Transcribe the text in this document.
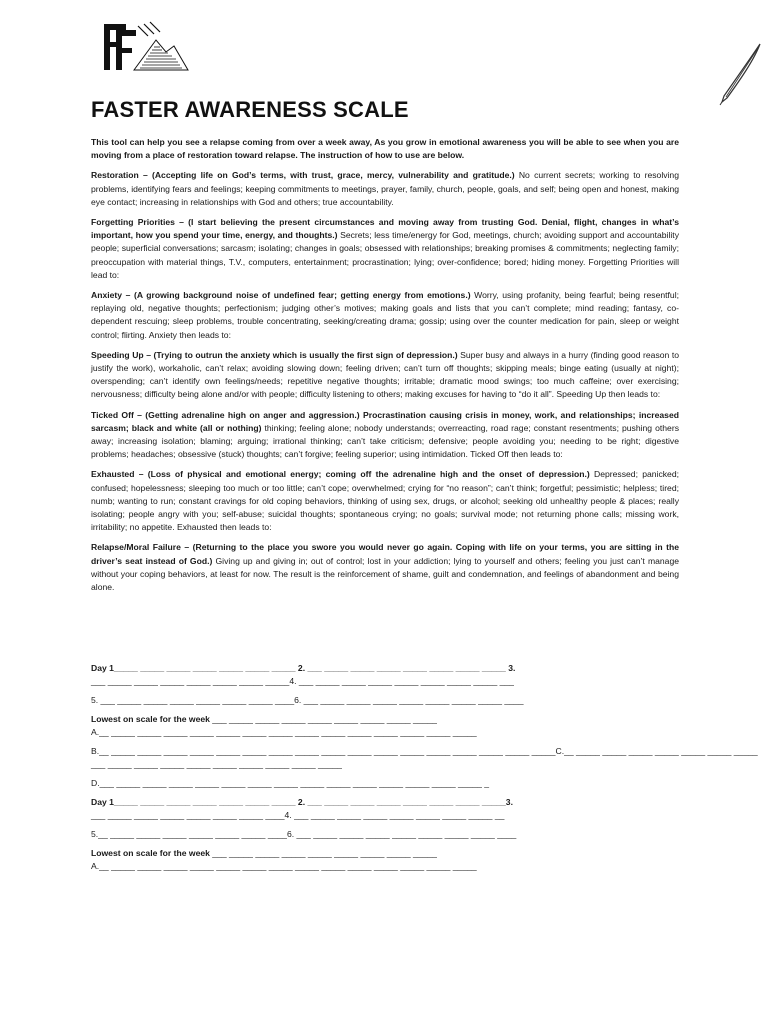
FASTER AWARENESS SCALE

This tool can help you see a relapse coming from over a week away, As you grow in emotional awareness you will be able to see when you are moving from a place of restoration toward relapse. The instruction of how to use are below.

Restoration – (Accepting life on God’s terms, with trust, grace, mercy, vulnerability and gratitude.) No current secrets; working to resolving problems, identifying fears and feelings; keeping commitments to meetings, prayer, family, church, people, goals, and self; being open and honest, making eye contact; increasing in relationships with God and others; true accountability.

Forgetting Priorities – (I start believing the present circumstances and moving away from trusting God. Denial, flight, changes in what’s important, how you spend your time, energy, and thoughts.) Secrets; less time/energy for God, meetings, church; avoiding support and accountability people; superficial conversations; sarcasm; isolating; changes in goals; obsessed with relationships; breaking promises & commitments; neglecting family; preoccupation with material things, T.V., computers, entertainment; procrastination; lying; over-confidence; bored; hiding money. Forgetting Priorities will lead to:

Anxiety – (A growing background noise of undefined fear; getting energy from emotions.) Worry, using profanity, being fearful; being resentful; replaying old, negative thoughts; perfectionism; judging other’s motives; making goals and lists that you can’t complete; mind reading; fantasy, co-dependent rescuing; sleep problems, trouble concentrating, seeking/creating drama; gossip; using over the counter medication for pain, sleep or weight control; flirting. Anxiety then leads to:

Speeding Up – (Trying to outrun the anxiety which is usually the first sign of depression.) Super busy and always in a hurry (finding good reason to justify the work), workaholic, can’t relax; avoiding slowing down; feeling driven; can’t turn off thoughts; skipping meals; binge eating (usually at night); overspending; can’t identify own feelings/needs; repetitive negative thoughts; irritable; dramatic mood swings; too much caffeine; over exercising; nervousness; difficulty being alone and/or with people; difficulty listening to others; making excuses for having to “do it all”. Speeding Up then leads to:

Ticked Off – (Getting adrenaline high on anger and aggression.) Procrastination causing crisis in money, work, and relationships; increased sarcasm; black and white (all or nothing) thinking; feeling alone; nobody understands; overreacting, road rage; constant resentments; pushing others away; increasing isolation; blaming; arguing; irrational thinking; can’t take criticism; defensive; people avoiding you; needing to be right; digestive problems; headaches; obsessive (stuck) thoughts; can’t forgive; feeling superior; using intimidation. Ticked Off then leads to:

Exhausted – (Loss of physical and emotional energy; coming off the adrenaline high and the onset of depression.) Depressed; panicked; confused; hopelessness; sleeping too much or too little; can’t cope; overwhelmed; crying for “no reason”; can’t think; forgetful; pessimistic; helpless; tired; numb; wanting to run; constant cravings for old coping behaviors, thinking of using sex, drugs, or alcohol; seeking old unhealthy people & places; really isolating; people angry with you; self-abuse; suicidal thoughts; spontaneous crying; no goals; survival mode; not returning phone calls; missing work, irritability; no appetite. Exhausted then leads to:

Relapse/Moral Failure – (Returning to the place you swore you would never go again. Coping with life on your terms, you are sitting in the driver’s seat instead of God.) Giving up and giving in; out of control; lost in your addiction; lying to yourself and others; feeling you just can’t manage without your coping behaviors, at least for now. The result is the reinforcement of shame, guilt and condemnation, and feelings of abandonment and being alone.

Day 1_____ _____ _____ _____ _____ _____ _____ 2. ___ _____ _____ _____ _____ _____ _____ _____ 3.
___ _____ _____ _____ _____ _____ _____ _____4. ___ _____ _____ _____ _____ _____ _____ _____ ___
5. ___ _____ _____ _____ _____ _____ _____ ____6. ___ _____ _____ _____ _____ _____ _____ _____ ____
Lowest on scale for the week ___ _____ _____ _____ _____ _____ _____ _____ _____
A.__ _____ _____ _____ _____ _____ _____ _____ _____ _____ _____ _____ _____ _____ _____
B.__ _____ _____ _____ _____ _____ _____ _____ _____ _____ _____ _____ _____ _____ _____ _____ _____ _____C.__ _____ _____ _____ _____ _____ _____ _____
___ _____ _____ _____ _____ _____ _____ _____ _____ _____
D.___ _____ _____ _____ _____ _____ _____ _____ _____ _____ _____ _____ _____ _____ _____ _
Day 1_____ _____ _____ _____ _____ _____ _____ 2. ___ _____ _____ _____ _____ _____ _____ _____3.
___ _____ _____ _____ _____ _____ _____ ____4. ___ _____ _____ _____ _____ _____ _____ _____ __
5.__ _____ _____ _____ _____ _____ _____ ____6. ___ _____ _____ _____ _____ _____ _____ _____ ____
Lowest on scale for the week ___ _____ _____ _____ _____ _____ _____ _____ _____
A.__ _____ _____ _____ _____ _____ _____ _____ _____ _____ _____ _____ _____ _____ _____
